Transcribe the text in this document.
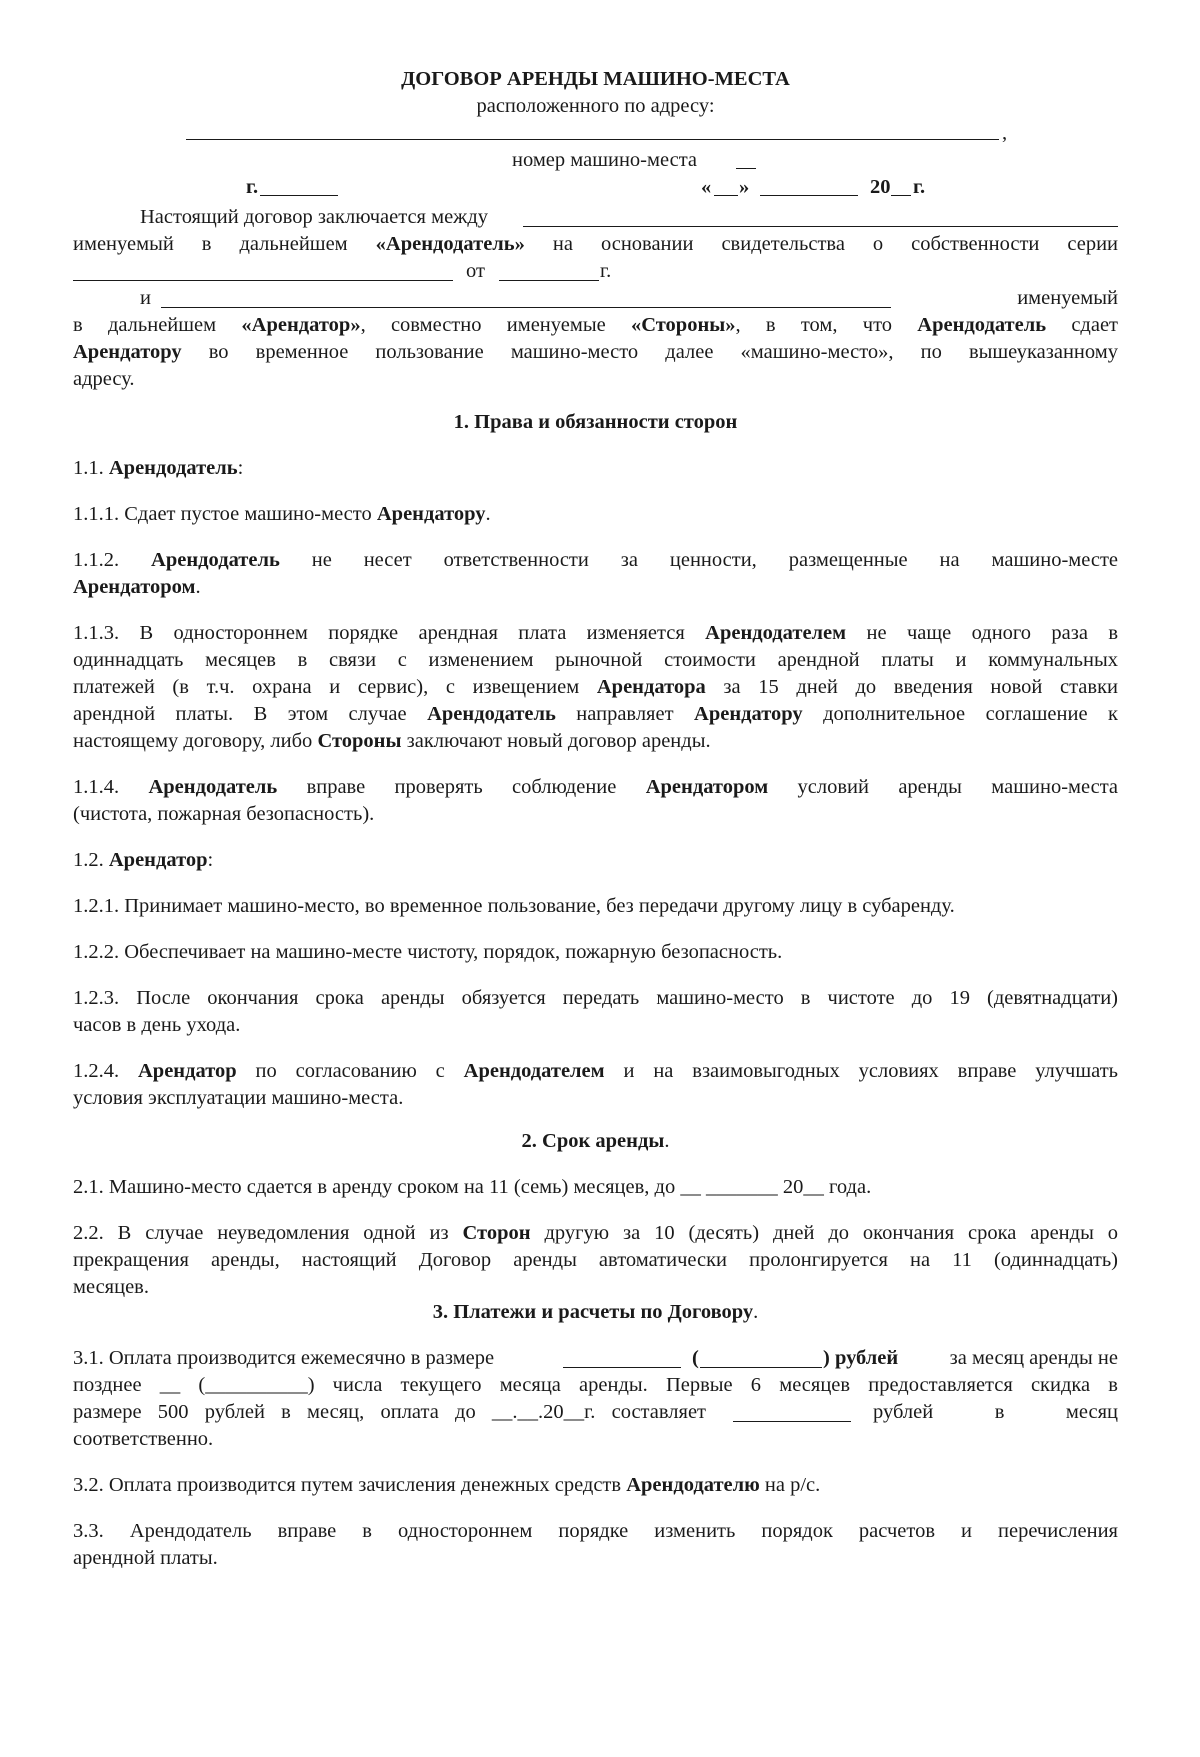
ДОГОВОР АРЕНДЫ МАШИНО-МЕСТА
расположенного по адресу:
,
номер машино-места
г.	« »	20 г.
Настоящий договор заключается между
именуемый в дальнейшем «Арендодатель» на основании свидетельства о собственности серии
от	г.
и	именуемый
в дальнейшем «Арендатор», совместно именуемые «Стороны», в том, что Арендодатель сдает
Арендатору во временное пользование машино-место далее «машино-место», по вышеуказанному
адресу.
1. Права и обязанности сторон
1.1. Арендодатель:
1.1.1. Сдает пустое машино-место Арендатору.
1.1.2. Арендодатель не несет ответственности за ценности, размещенные на машино-месте
Арендатором.
1.1.3. В одностороннем порядке арендная плата изменяется Арендодателем не чаще одного раза в
одиннадцать месяцев в связи с изменением рыночной стоимости арендной платы и коммунальных
платежей (в т.ч. охрана и сервис), с извещением Арендатора за 15 дней до введения новой ставки
арендной платы. В этом случае Арендодатель направляет Арендатору дополнительное соглашение к
настоящему договору, либо Стороны заключают новый договор аренды.
1.1.4. Арендодатель вправе проверять соблюдение Арендатором условий аренды машино-места
(чистота, пожарная безопасность).
1.2. Арендатор:
1.2.1. Принимает машино-место, во временное пользование, без передачи другому лицу в субаренду.
1.2.2. Обеспечивает на машино-месте чистоту, порядок, пожарную безопасность.
1.2.3. После окончания срока аренды обязуется передать машино-место в чистоте до 19 (девятнадцати)
часов в день ухода.
1.2.4. Арендатор по согласованию с Арендодателем и на взаимовыгодных условиях вправе улучшать
условия эксплуатации машино-места.
2. Срок аренды.
2.1. Машино-место сдается в аренду сроком на 11 (семь) месяцев, до __ _______ 20__ года.
2.2. В случае неуведомления одной из Сторон другую за 10 (десять) дней до окончания срока аренды о
прекращения аренды, настоящий Договор аренды автоматически пролонгируется на 11 (одиннадцать)
месяцев.
3. Платежи и расчеты по Договору.
3.1. Оплата производится ежемесячно в размере	(	) рублей	за месяц аренды не
позднее __ (__________) числа текущего месяца аренды. Первые 6 месяцев предоставляется скидка в
размере 500 рублей в месяц, оплата до __.__.20__г. составляет	рублей в месяц
соответственно.
3.2. Оплата производится путем зачисления денежных средств Арендодателю на р/с.
3.3. Арендодатель вправе в одностороннем порядке изменить порядок расчетов и перечисления
арендной платы.
